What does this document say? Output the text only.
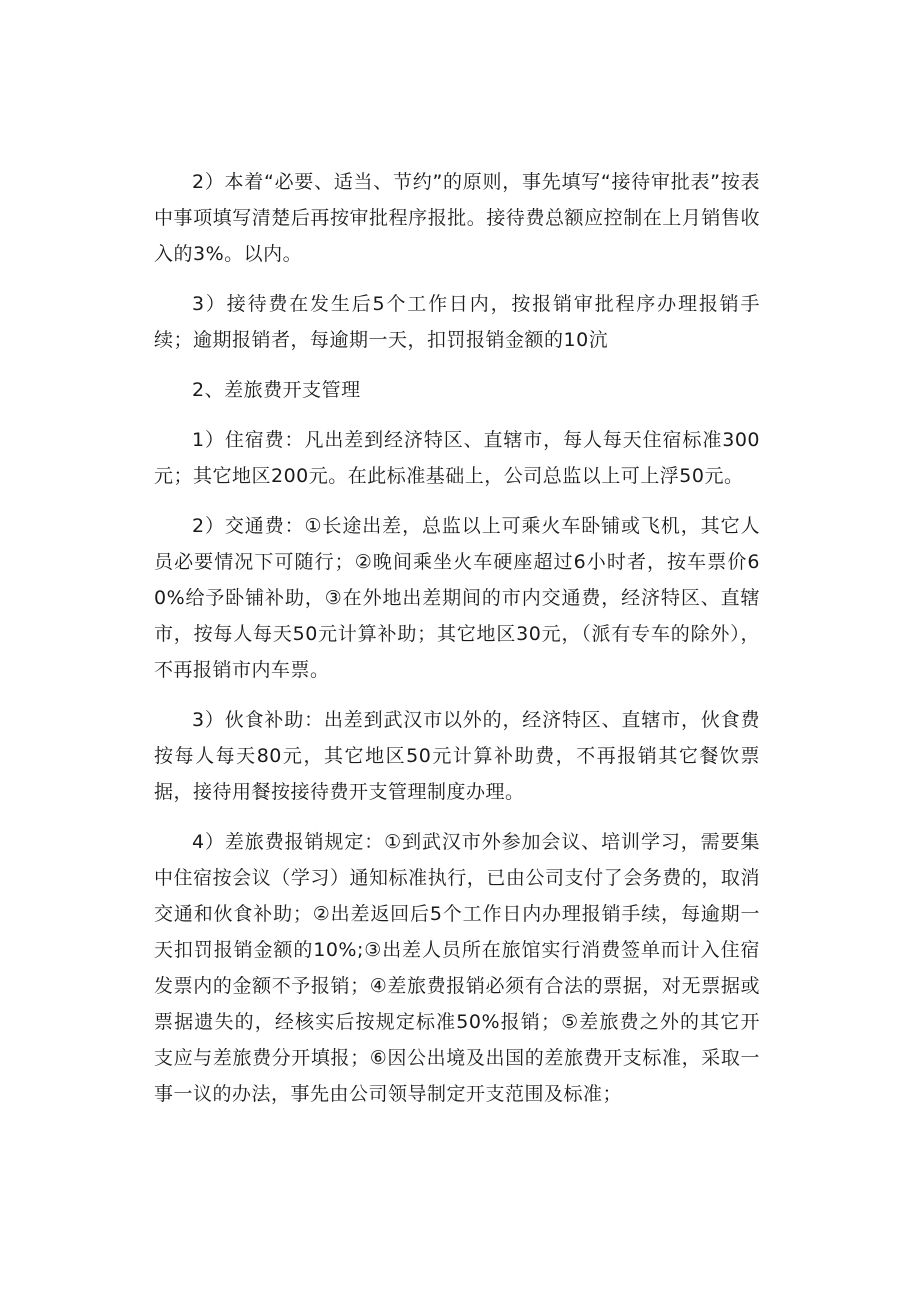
2）本着“必要、适当、节约”的原则，事先填写“接待审批表”按表中事项填写清楚后再按审批程序报批。接待费总额应控制在上月销售收入的3%。以内。

3）接待费在发生后5个工作日内，按报销审批程序办理报销手续；逾期报销者，每逾期一天，扣罚报销金额的10沆

2、差旅费开支管理

1）住宿费：凡出差到经济特区、直辖市，每人每天住宿标准300元；其它地区200元。在此标准基础上，公司总监以上可上浮50元。

2）交通费：①长途出差，总监以上可乘火车卧铺或飞机，其它人员必要情况下可随行；②晚间乘坐火车硬座超过6小时者，按车票价60%给予卧铺补助，③在外地出差期间的市内交通费，经济特区、直辖市，按每人每天50元计算补助；其它地区30元，（派有专车的除外），不再报销市内车票。

3）伙食补助：出差到武汉市以外的，经济特区、直辖市，伙食费按每人每天80元，其它地区50元计算补助费，不再报销其它餐饮票据，接待用餐按接待费开支管理制度办理。

4）差旅费报销规定：①到武汉市外参加会议、培训学习，需要集中住宿按会议（学习）通知标准执行，已由公司支付了会务费的，取消交通和伙食补助；②出差返回后5个工作日内办理报销手续，每逾期一天扣罚报销金额的10%;③出差人员所在旅馆实行消费签单而计入住宿发票内的金额不予报销；④差旅费报销必须有合法的票据，对无票据或票据遗失的，经核实后按规定标准50%报销；⑤差旅费之外的其它开支应与差旅费分开填报；⑥因公出境及出国的差旅费开支标准，采取一事一议的办法，事先由公司领导制定开支范围及标准；
